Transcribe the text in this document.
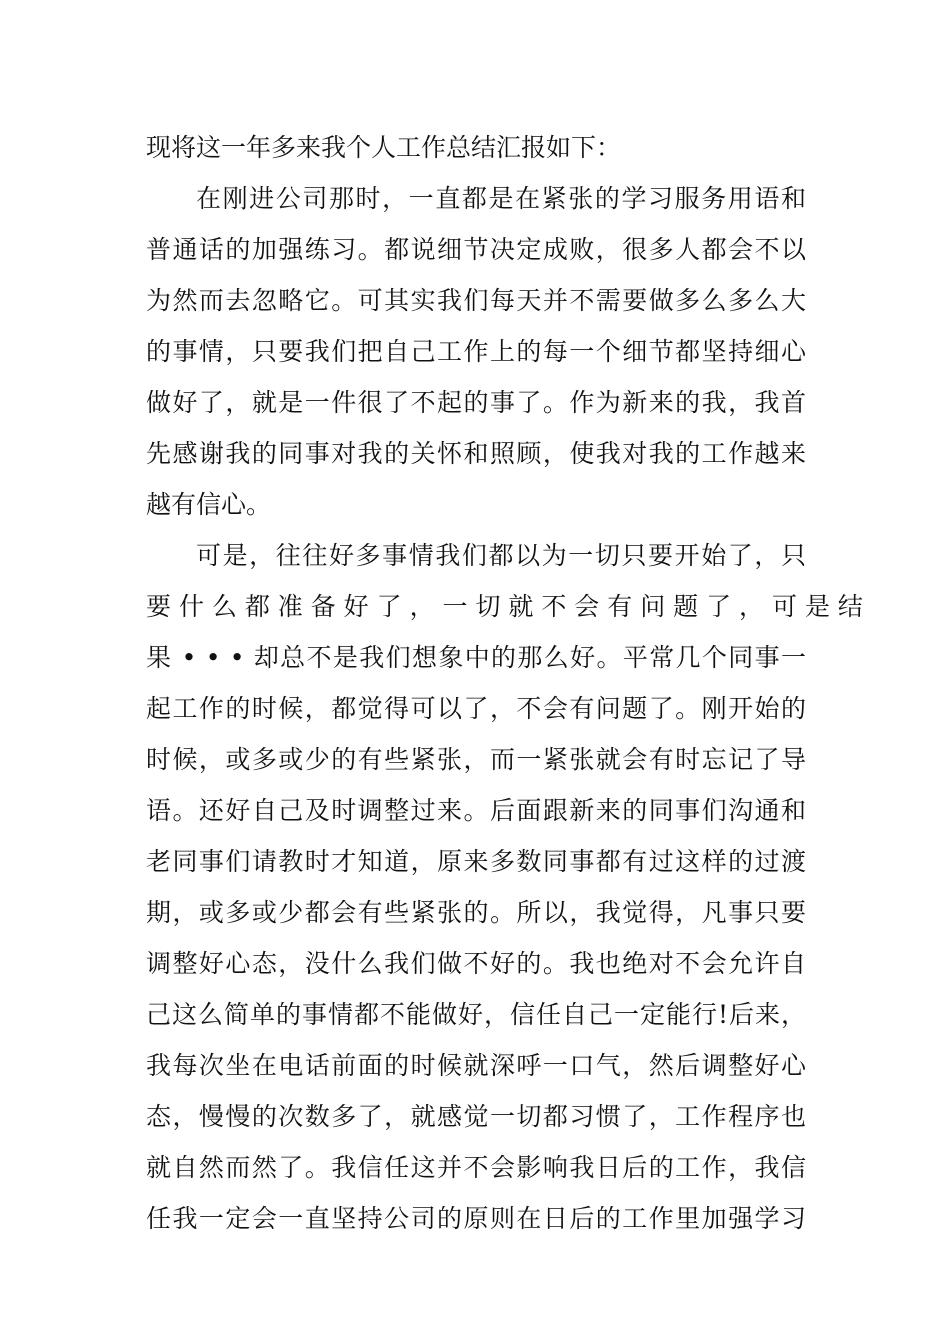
现将这一年多来我个人工作总结汇报如下：
在刚进公司那时，一直都是在紧张的学习服务用语和
普通话的加强练习。都说细节决定成败，很多人都会不以
为然而去忽略它。可其实我们每天并不需要做多么多么大
的事情，只要我们把自己工作上的每一个细节都坚持细心
做好了，就是一件很了不起的事了。作为新来的我，我首
先感谢我的同事对我的关怀和照顾，使我对我的工作越来
越有信心。
可是，往往好多事情我们都以为一切只要开始了，只
要 什 么 都 准 备 好 了 ， 一 切 就 不 会 有 问 题 了 ， 可 是 结
果 • • • 却总不是我们想象中的那么好。平常几个同事一
起工作的时候，都觉得可以了，不会有问题了。刚开始的
时候，或多或少的有些紧张，而一紧张就会有时忘记了导
语。还好自己及时调整过来。后面跟新来的同事们沟通和
老同事们请教时才知道，原来多数同事都有过这样的过渡
期，或多或少都会有些紧张的。所以，我觉得，凡事只要
调整好心态，没什么我们做不好的。我也绝对不会允许自
己这么简单的事情都不能做好，信任自己一定能行!后来，
我每次坐在电话前面的时候就深呼一口气，然后调整好心
态，慢慢的次数多了，就感觉一切都习惯了，工作程序也
就自然而然了。我信任这并不会影响我日后的工作，我信
任我一定会一直坚持公司的原则在日后的工作里加强学习
